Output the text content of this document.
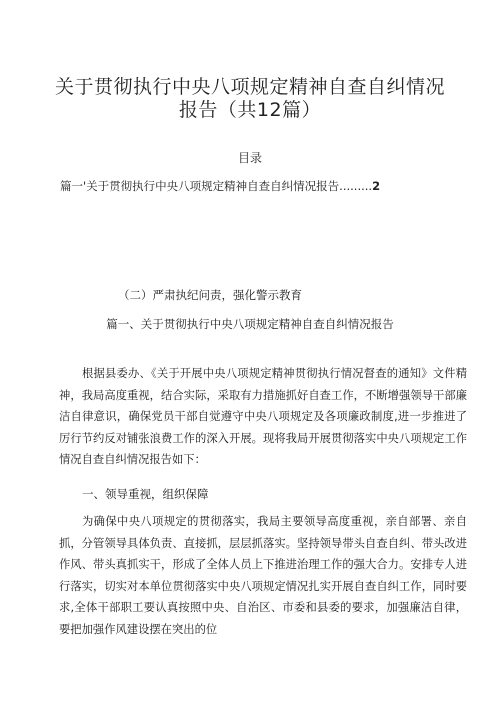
关于贯彻执行中央八项规定精神自查自纠情况
报告（共12篇）
目录
篇一'关于贯彻执行中央八项规定精神自查自纠情况报告.........2
（二）严肃执纪问责，强化警示教育
篇一、关于贯彻执行中央八项规定精神自查自纠情况报告

根据县委办、《关于开展中央八项规定精神贯彻执行情况督查的通知》文件精神，我局高度重视，结合实际，采取有力措施抓好自查工作，不断增强领导干部廉洁自律意识，确保党员干部自觉遵守中央八项规定及各项廉政制度,进一步推进了厉行节约反对铺张浪费工作的深入开展。现将我局开展贯彻落实中央八项规定工作情况自查自纠情况报告如下：

一、领导重视，组织保障

为确保中央八项规定的贯彻落实，我局主要领导高度重视，亲自部署、亲自抓，分管领导具体负责、直接抓，层层抓落实。坚持领导带头自查自纠、带头改进作风、带头真抓实干，形成了全体人员上下推进治理工作的强大合力。安排专人进行落实，切实对本单位贯彻落实中央八项规定情况扎实开展自查自纠工作，同时要求,全体干部职工要认真按照中央、自治区、市委和县委的要求，加强廉洁自律，要把加强作风建设摆在突出的位
